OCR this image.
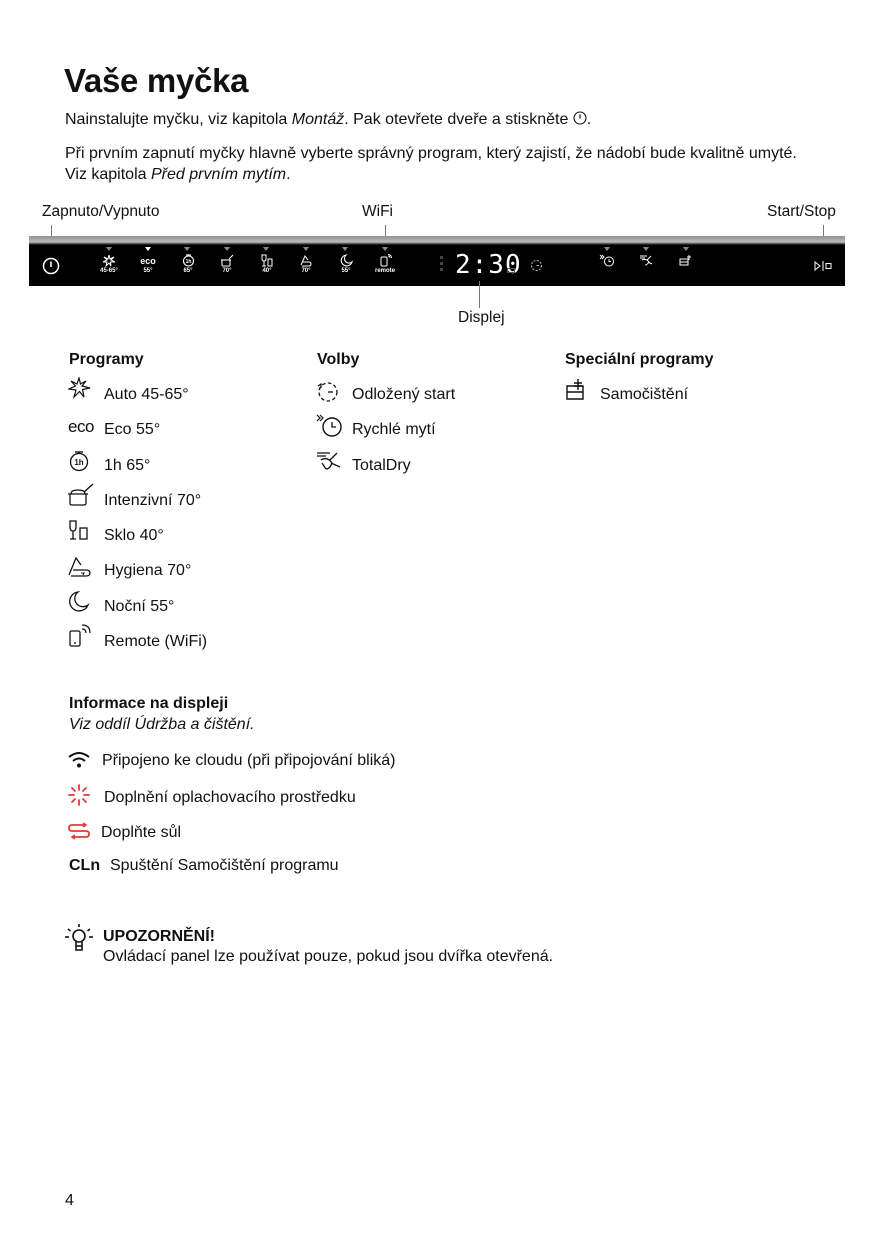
Vaše myčka

Nainstalujte myčku, viz kapitola Montáž. Pak otevřete dveře a stiskněte .

Při prvním zapnutí myčky hlavně vyberte správný program, který zajistí, že nádobí bude kvalitně umyté.
Viz kapitola Před prvním mytím.

Zapnuto/Vypnuto	WiFi	Start/Stop
45-65°
eco
55°
1h
65°	70°	40°	70°	55°	remote	2:30
Displej
Programy
Auto 45-65°
eco Eco 55°
1h 1h 65°
Intenzivní 70°
Sklo 40°
Hygiena 70°
Noční 55°
Remote (WiFi)
Volby
Odložený start
Rychlé mytí
TotalDry
Speciální programy
Samočištění
Informace na displeji
Viz oddíl Údržba a čištění.
Připojeno ke cloudu (při připojování bliká)
Doplnění oplachovacího prostředku
Doplňte sůl
CLn Spuštění Samočištění programu
UPOZORNĚNÍ!
Ovládací panel lze používat pouze, pokud jsou dvířka otevřená.
4
